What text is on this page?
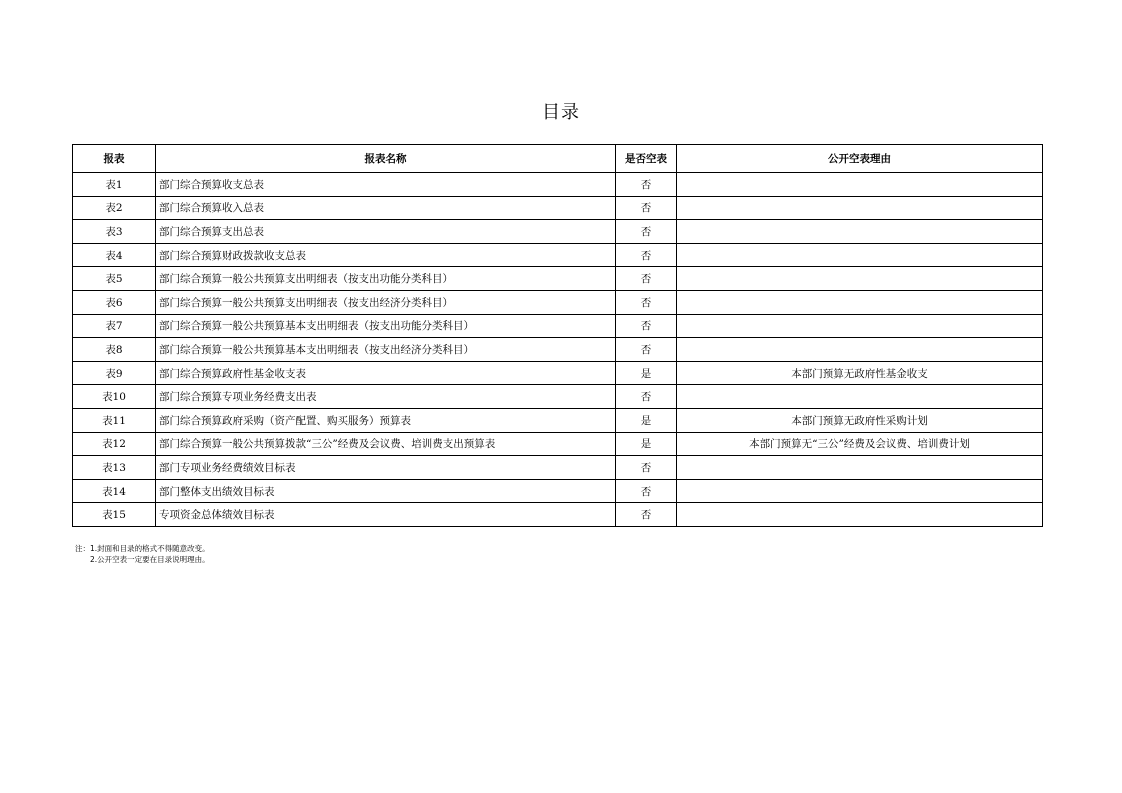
目录
报表	报表名称	是否空表	公开空表理由
表1	部门综合预算收支总表	否	
表2	部门综合预算收入总表	否	
表3	部门综合预算支出总表	否	
表4	部门综合预算财政拨款收支总表	否	
表5	部门综合预算一般公共预算支出明细表（按支出功能分类科目）	否	
表6	部门综合预算一般公共预算支出明细表（按支出经济分类科目）	否	
表7	部门综合预算一般公共预算基本支出明细表（按支出功能分类科目）	否	
表8	部门综合预算一般公共预算基本支出明细表（按支出经济分类科目）	否	
表9	部门综合预算政府性基金收支表	是	本部门预算无政府性基金收支
表10	部门综合预算专项业务经费支出表	否	
表11	部门综合预算政府采购（资产配置、购买服务）预算表	是	本部门预算无政府性采购计划
表12	部门综合预算一般公共预算拨款“三公”经费及会议费、培训费支出预算表	是	本部门预算无“三公”经费及会议费、培训费计划
表13	部门专项业务经费绩效目标表	否	
表14	部门整体支出绩效目标表	否	
表15	专项资金总体绩效目标表	否	
注：1.封面和目录的格式不得随意改变。
2.公开空表一定要在目录说明理由。
